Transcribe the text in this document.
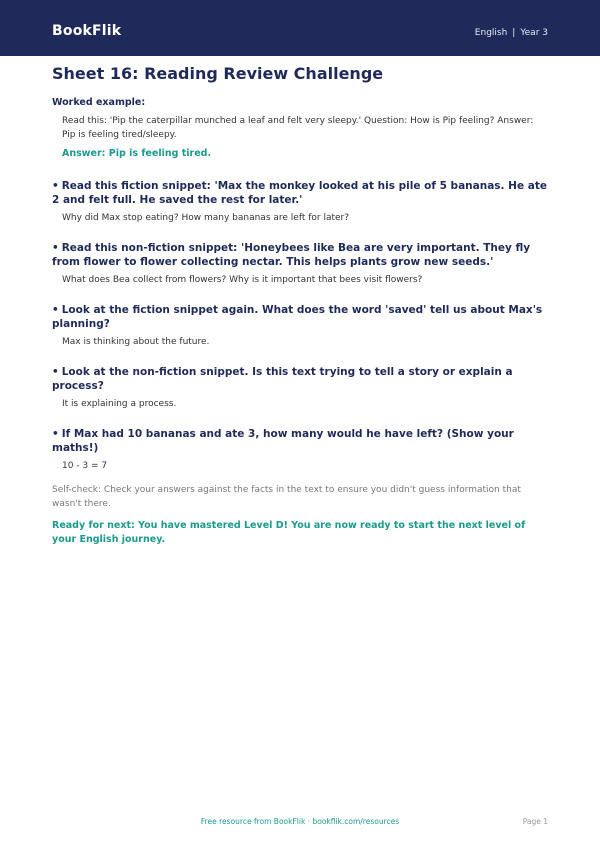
BookFlik	English | Year 3
Sheet 16: Reading Review Challenge
Worked example:
Read this: 'Pip the caterpillar munched a leaf and felt very sleepy.' Question: How is Pip feeling? Answer: Pip is feeling tired/sleepy.
Answer: Pip is feeling tired.
• Read this fiction snippet: 'Max the monkey looked at his pile of 5 bananas. He ate 2 and felt full. He saved the rest for later.'
Why did Max stop eating? How many bananas are left for later?
• Read this non-fiction snippet: 'Honeybees like Bea are very important. They fly from flower to flower collecting nectar. This helps plants grow new seeds.'
What does Bea collect from flowers? Why is it important that bees visit flowers?
• Look at the fiction snippet again. What does the word 'saved' tell us about Max's planning?
Max is thinking about the future.
• Look at the non-fiction snippet. Is this text trying to tell a story or explain a process?
It is explaining a process.
• If Max had 10 bananas and ate 3, how many would he have left? (Show your maths!)
10 - 3 = 7
Self-check: Check your answers against the facts in the text to ensure you didn't guess information that wasn't there.
Ready for next: You have mastered Level D! You are now ready to start the next level of your English journey.
Free resource from BookFlik · bookflik.com/resources	Page 1
